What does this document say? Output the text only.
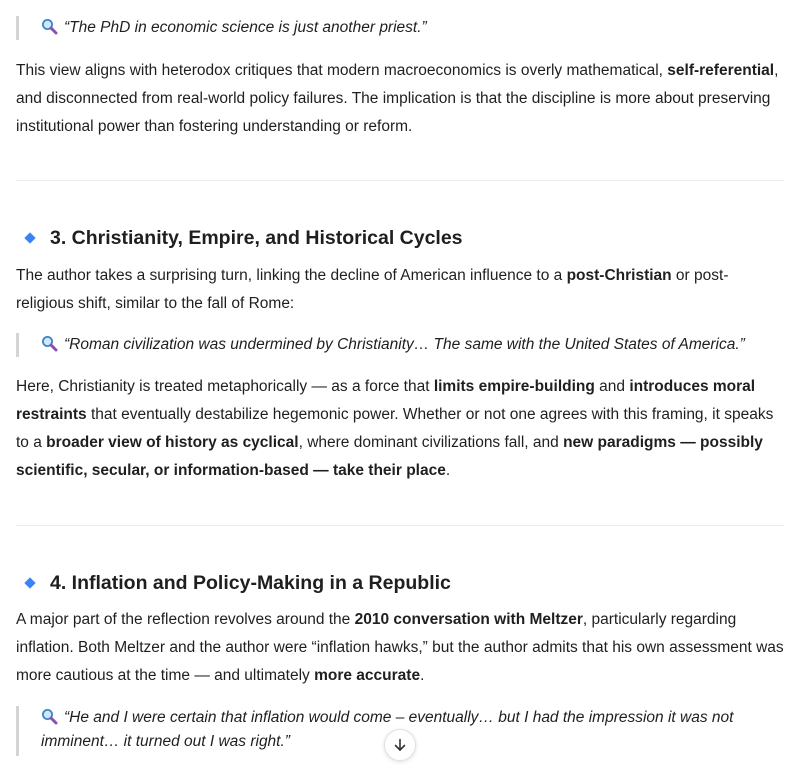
“The PhD in economic science is just another priest.”

This view aligns with heterodox critiques that modern macroeconomics is overly mathematical, self-referential, and disconnected from real-world policy failures. The implication is that the discipline is more about preserving institutional power than fostering understanding or reform.

3. Christianity, Empire, and Historical Cycles

The author takes a surprising turn, linking the decline of American influence to a post-Christian or post-religious shift, similar to the fall of Rome:

“Roman civilization was undermined by Christianity… The same with the United States of America.”

Here, Christianity is treated metaphorically — as a force that limits empire-building and introduces moral restraints that eventually destabilize hegemonic power. Whether or not one agrees with this framing, it speaks to a broader view of history as cyclical, where dominant civilizations fall, and new paradigms — possibly scientific, secular, or information-based — take their place.

4. Inflation and Policy-Making in a Republic

A major part of the reflection revolves around the 2010 conversation with Meltzer, particularly regarding inflation. Both Meltzer and the author were “inflation hawks,” but the author admits that his own assessment was more cautious at the time — and ultimately more accurate.

“He and I were certain that inflation would come – eventually… but I had the impression it was not imminent… it turned out I was right.”
